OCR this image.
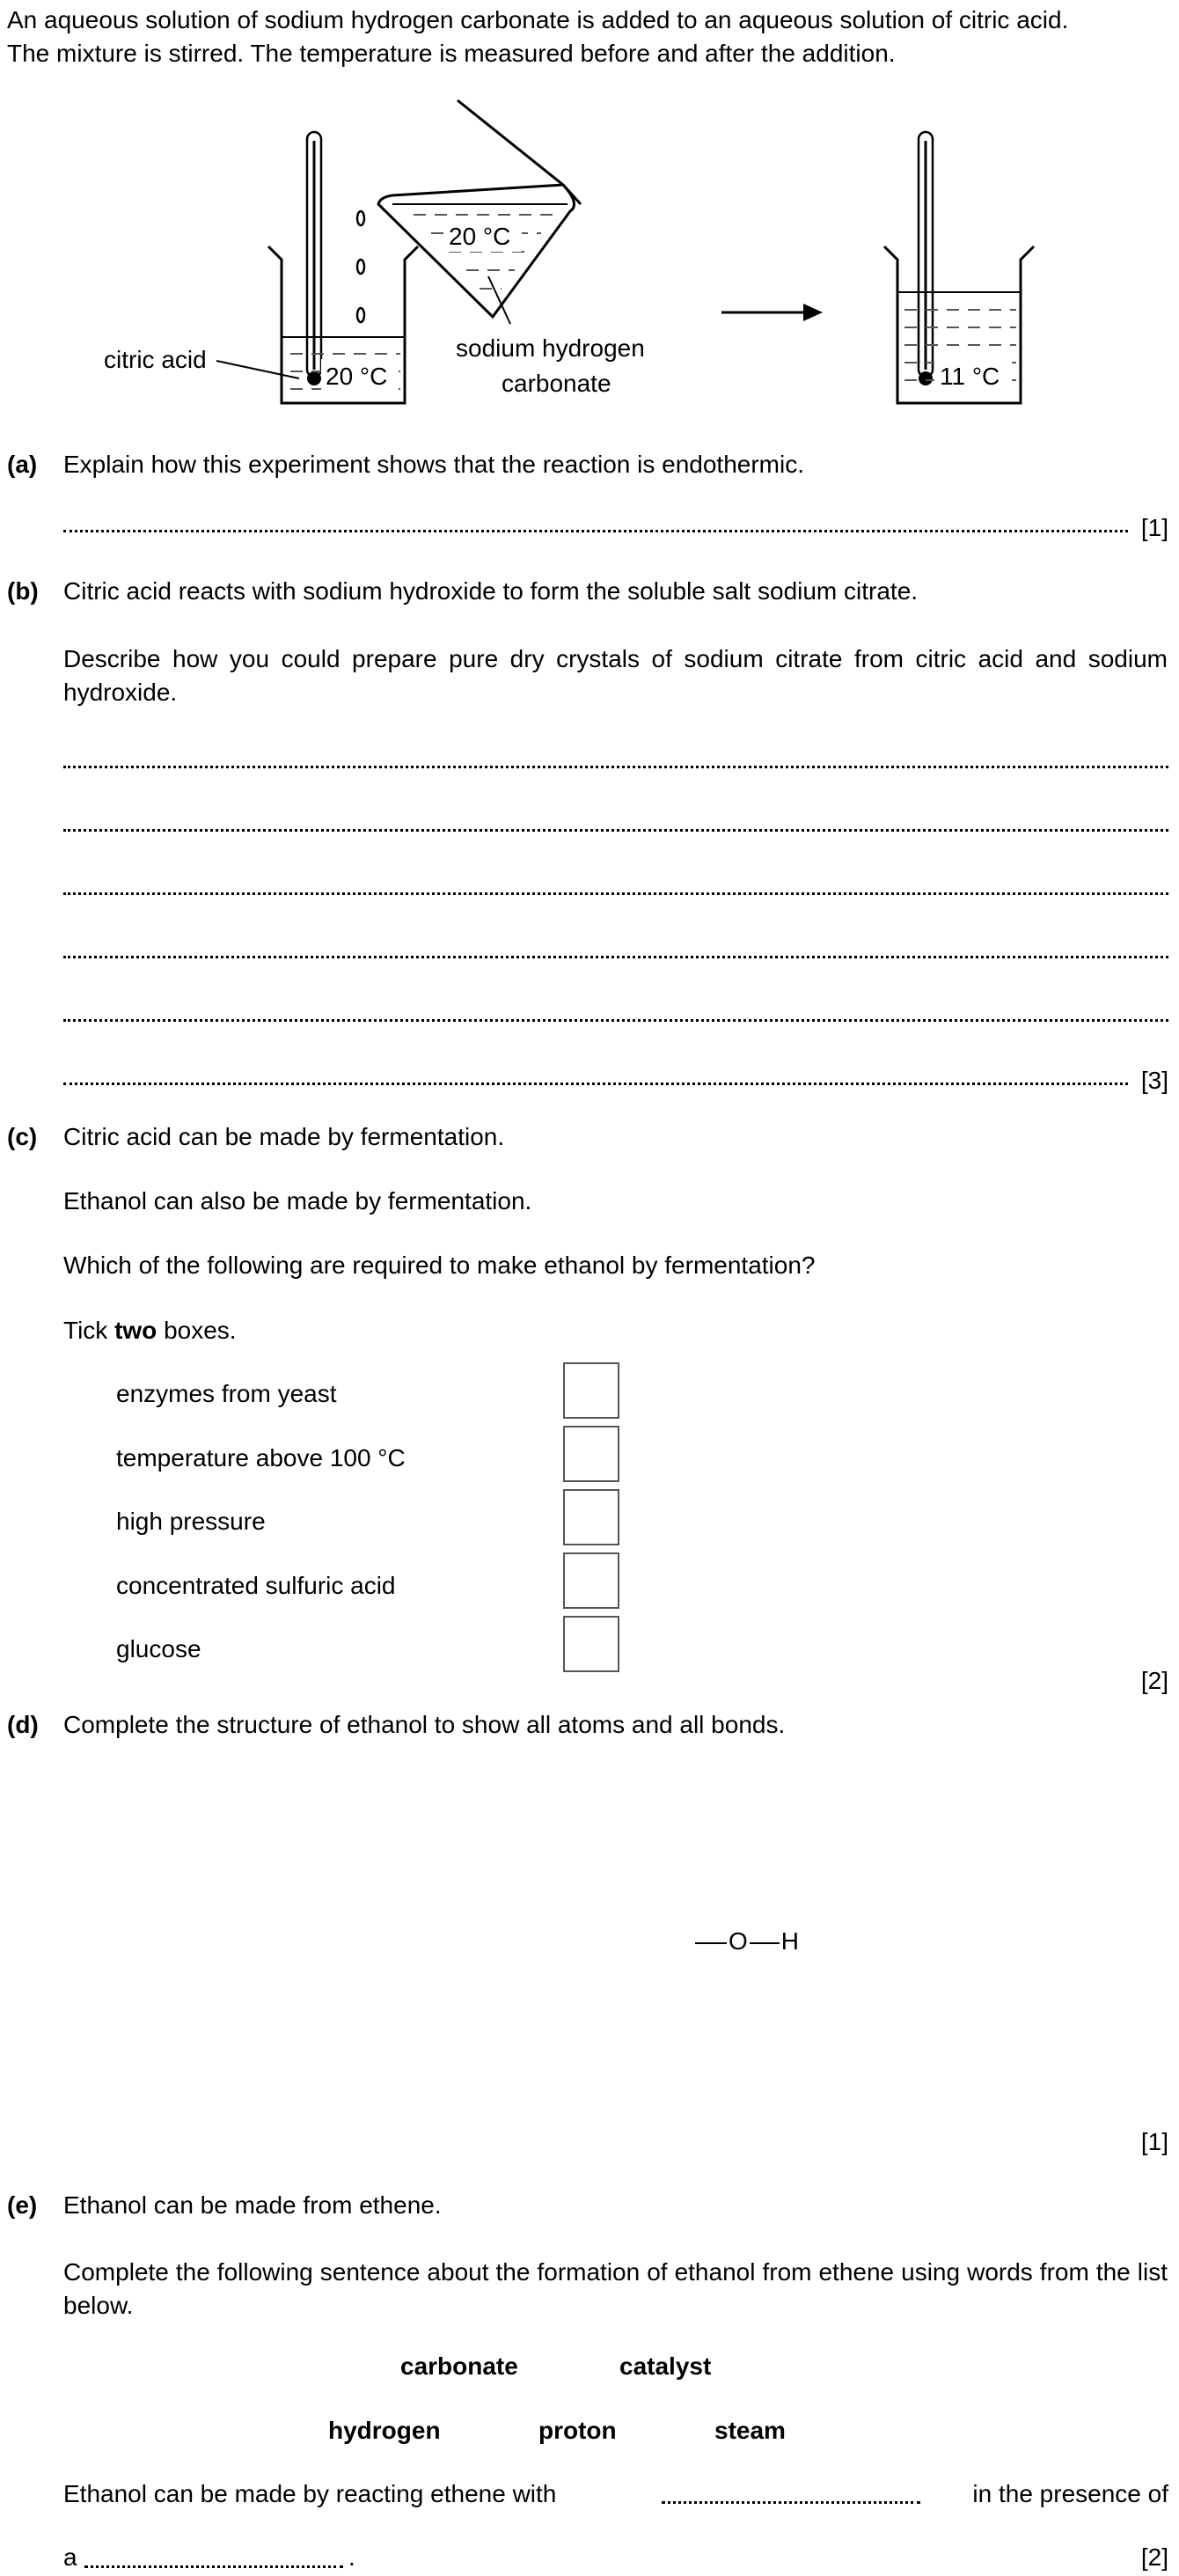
An aqueous solution of sodium hydrogen carbonate is added to an aqueous solution of citric acid.
The mixture is stirred. The temperature is measured before and after the addition.
20 °C
20 °C
citric acid	sodium hydrogen
carbonate	11 °C
(a) Explain how this experiment shows that the reaction is endothermic.
[1]
(b) Citric acid reacts with sodium hydroxide to form the soluble salt sodium citrate.
Describe how you could prepare pure dry crystals of sodium citrate from citric acid and sodium hydroxide.
[3]
(c) Citric acid can be made by fermentation.
Ethanol can also be made by fermentation.
Which of the following are required to make ethanol by fermentation?
Tick two boxes.
enzymes from yeast
temperature above 100 °C
high pressure
concentrated sulfuric acid
glucose
[2]
(d) Complete the structure of ethanol to show all atoms and all bonds.
O H
[1]
(e) Ethanol can be made from ethene.
Complete the following sentence about the formation of ethanol from ethene using words from the list below.
carbonate	catalyst
hydrogen	proton	steam
Ethanol can be made by reacting ethene with	in the presence of
a	.	[2]
